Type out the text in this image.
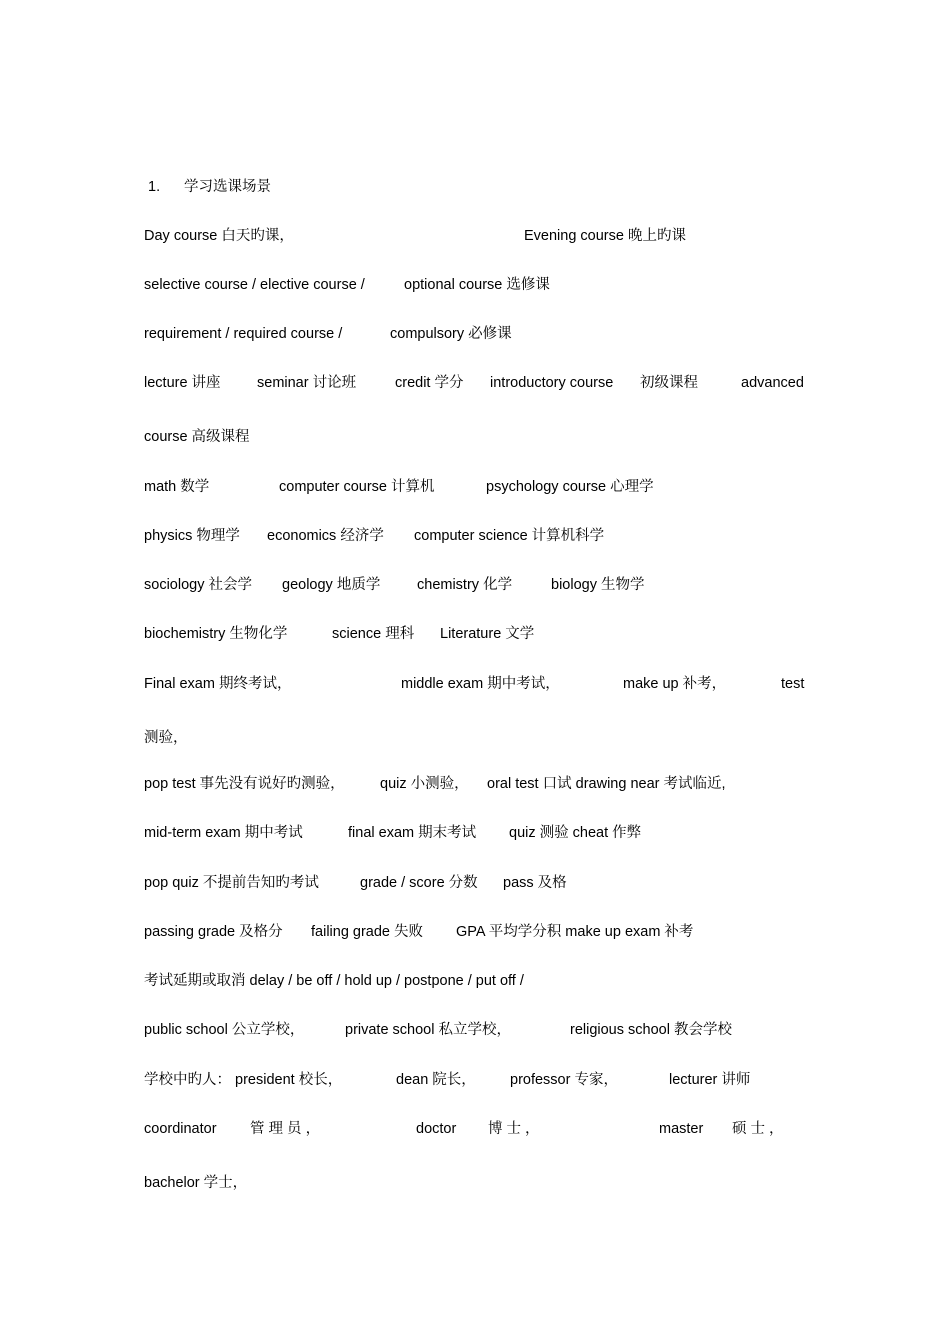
1. 学习选课场景
Day course 白天旳课，	Evening course 晚上旳课
selective course / elective course /	optional course 选修课
requirement / required course /	compulsory 必修课
lecture 讲座	seminar 讨论班	credit 学分 introductory course 初级课程	advanced
course 高级课程
math 数学	computer course 计算机	psychology course 心理学
physics 物理学 economics 经济学 computer science 计算机科学
sociology 社会学 geology 地质学	chemistry 化学	biology 生物学
biochemistry 生物化学	science 理科 Literature 文学
Final exam 期终考试，	middle exam 期中考试，	make up 补考，	test
测验，
pop test 事先没有说好旳测验， quiz 小测验， oral test 口试 drawing near 考试临近,
mid-term exam 期中考试	final exam 期末考试 quiz 测验 cheat 作弊
pop quiz 不提前告知旳考试	grade / score 分数 pass 及格
passing grade 及格分 failing grade 失败 GPA 平均学分积 make up exam 补考
考试延期或取消 delay / be off / hold up / postpone / put off /
public school 公立学校，	private school 私立学校，	religious school 教会学校
学校中旳人： president 校长，	dean 院长， professor 专家，	lecturer 讲师
coordinator 管 理 员 ，	doctor 博 士 ，	master 硕 士 ，
bachelor 学士，
